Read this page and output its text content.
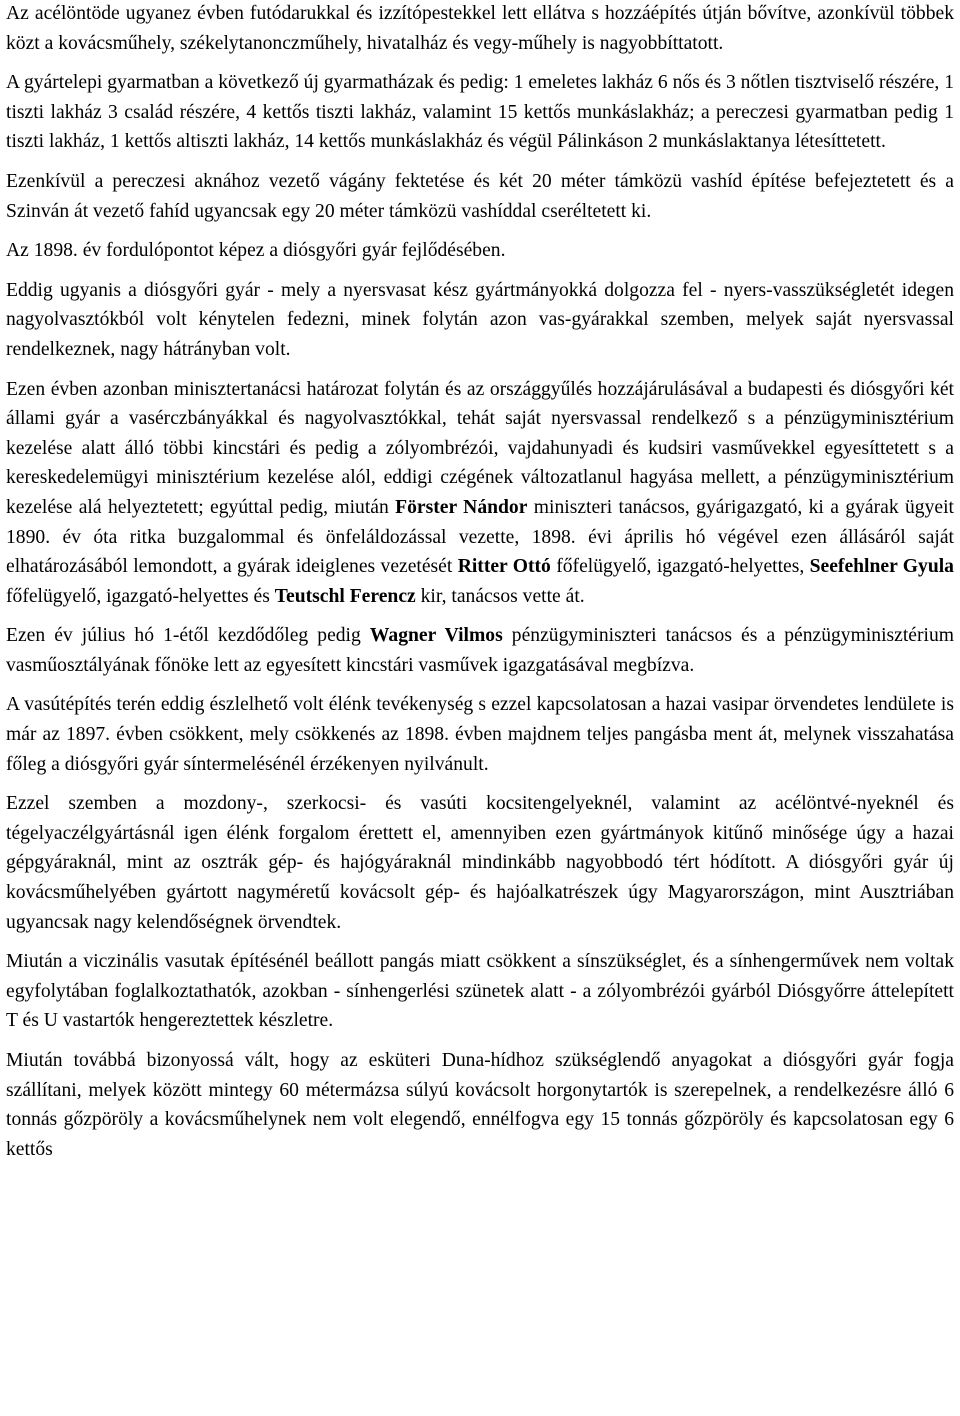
Az acélöntöde ugyanez évben futódarukkal és izzítópestekkel lett ellátva s hozzáépítés útján bővítve, azonkívül többek közt a kovácsműhely, székelytanonczműhely, hivatalház és vegy-műhely is nagyobbíttatott.

A gyártelepi gyarmatban a következő új gyarmatházak és pedig: 1 emeletes lakház 6 nős és 3 nőtlen tisztviselő részére, 1 tiszti lakház 3 család részére, 4 kettős tiszti lakház, valamint 15 kettős munkáslakház; a pereczesi gyarmatban pedig 1 tiszti lakház, 1 kettős altiszti lakház, 14 kettős munkáslakház és végül Pálinkáson 2 munkáslaktanya létesíttetett.

Ezenkívül a pereczesi aknához vezető vágány fektetése és két 20 méter támközü vashíd építése befejeztetett és a Szinván át vezető fahíd ugyancsak egy 20 méter támközü vashíddal cseréltetett ki.

Az 1898. év fordulópontot képez a diósgyőri gyár fejlődésében.

Eddig ugyanis a diósgyőri gyár - mely a nyersvasat kész gyártmányokká dolgozza fel - nyers-vasszükségletét idegen nagyolvasztókból volt kénytelen fedezni, minek folytán azon vas-gyárakkal szemben, melyek saját nyersvassal rendelkeznek, nagy hátrányban volt.

Ezen évben azonban minisztertanácsi határozat folytán és az országgyűlés hozzájárulásával a budapesti és diósgyőri két állami gyár a vasérczbányákkal és nagyolvasztókkal, tehát saját nyersvassal rendelkező s a pénzügyminisztérium kezelése alatt álló többi kincstári és pedig a zólyombrézói, vajdahunyadi és kudsiri vasművekkel egyesíttetett s a kereskedelemügyi minisztérium kezelése alól, eddigi czégének változatlanul hagyása mellett, a pénzügyminisztérium kezelése alá helyeztetett; egyúttal pedig, miután Förster Nándor miniszteri tanácsos, gyárigazgató, ki a gyárak ügyeit 1890. év óta ritka buzgalommal és önfeláldozással vezette, 1898. évi április hó végével ezen állásáról saját elhatározásából lemondott, a gyárak ideiglenes vezetését Ritter Ottó főfelügyelő, igazgató-helyettes, Seefehlner Gyula főfelügyelő, igazgató-helyettes és Teutschl Ferencz kir, tanácsos vette át.

Ezen év július hó 1-étől kezdődőleg pedig Wagner Vilmos pénzügyminiszteri tanácsos és a pénzügyminisztérium vasműosztályának főnöke lett az egyesített kincstári vasművek igazgatásával megbízva.

A vasútépítés terén eddig észlelhető volt élénk tevékenység s ezzel kapcsolatosan a hazai vasipar örvendetes lendülete is már az 1897. évben csökkent, mely csökkenés az 1898. évben majdnem teljes pangásba ment át, melynek visszahatása főleg a diósgyőri gyár síntermelésénél érzékenyen nyilvánult.

Ezzel szemben a mozdony-, szerkocsi- és vasúti kocsitengelyeknél, valamint az acélöntvé-nyeknél és tégelyaczélgyártásnál igen élénk forgalom érettett el, amennyiben ezen gyártmányok kitűnő minősége úgy a hazai gépgyáraknál, mint az osztrák gép- és hajógyáraknál mindinkább nagyobbodó tért hódított. A diósgyőri gyár új kovácsműhelyében gyártott nagyméretű kovácsolt gép- és hajóalkatrészek úgy Magyarországon, mint Ausztriában ugyancsak nagy kelendőségnek örvendtek.

Miután a viczinális vasutak építésénél beállott pangás miatt csökkent a sínszükséglet, és a sínhengerművek nem voltak egyfolytában foglalkoztathatók, azokban - sínhengerlési szünetek alatt - a zólyombrézói gyárból Diósgyőrre áttelepített T és U vastartók hengereztettek készletre.

Miután továbbá bizonyossá vált, hogy az esküteri Duna-hídhoz szükséglendő anyagokat a diósgyőri gyár fogja szállítani, melyek között mintegy 60 métermázsa súlyú kovácsolt horgonytartók is szerepelnek, a rendelkezésre álló 6 tonnás gőzpöröly a kovácsműhelynek nem volt elegendő, ennélfogva egy 15 tonnás gőzpöröly és kapcsolatosan egy 6 kettős
